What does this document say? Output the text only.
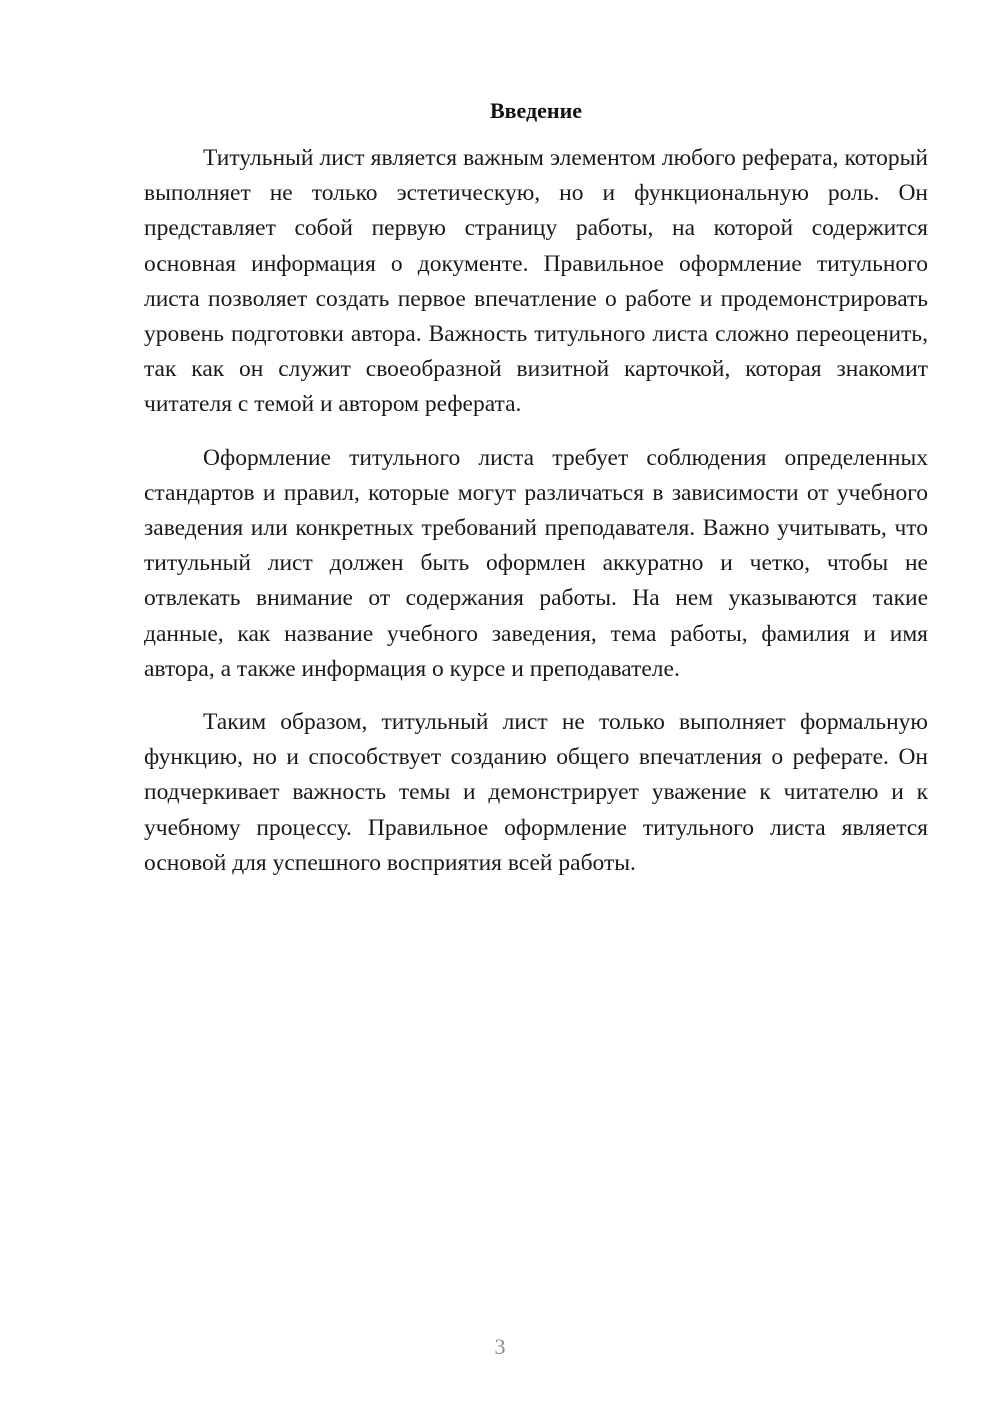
Введение

Титульный лист является важным элементом любого реферата, который выполняет не только эстетическую, но и функциональную роль. Он представляет собой первую страницу работы, на которой содержится основная информация о документе. Правильное оформление титульного листа позволяет создать первое впечатление о работе и продемонстрировать уровень подготовки автора. Важность титульного листа сложно переоценить, так как он служит своеобразной визитной карточкой, которая знакомит читателя с темой и автором реферата.

Оформление титульного листа требует соблюдения определенных стандартов и правил, которые могут различаться в зависимости от учебного заведения или конкретных требований преподавателя. Важно учитывать, что титульный лист должен быть оформлен аккуратно и четко, чтобы не отвлекать внимание от содержания работы. На нем указываются такие данные, как название учебного заведения, тема работы, фамилия и имя автора, а также информация о курсе и преподавателе.

Таким образом, титульный лист не только выполняет формальную функцию, но и способствует созданию общего впечатления о реферате. Он подчеркивает важность темы и демонстрирует уважение к читателю и к учебному процессу. Правильное оформление титульного листа является основой для успешного восприятия всей работы.

3
